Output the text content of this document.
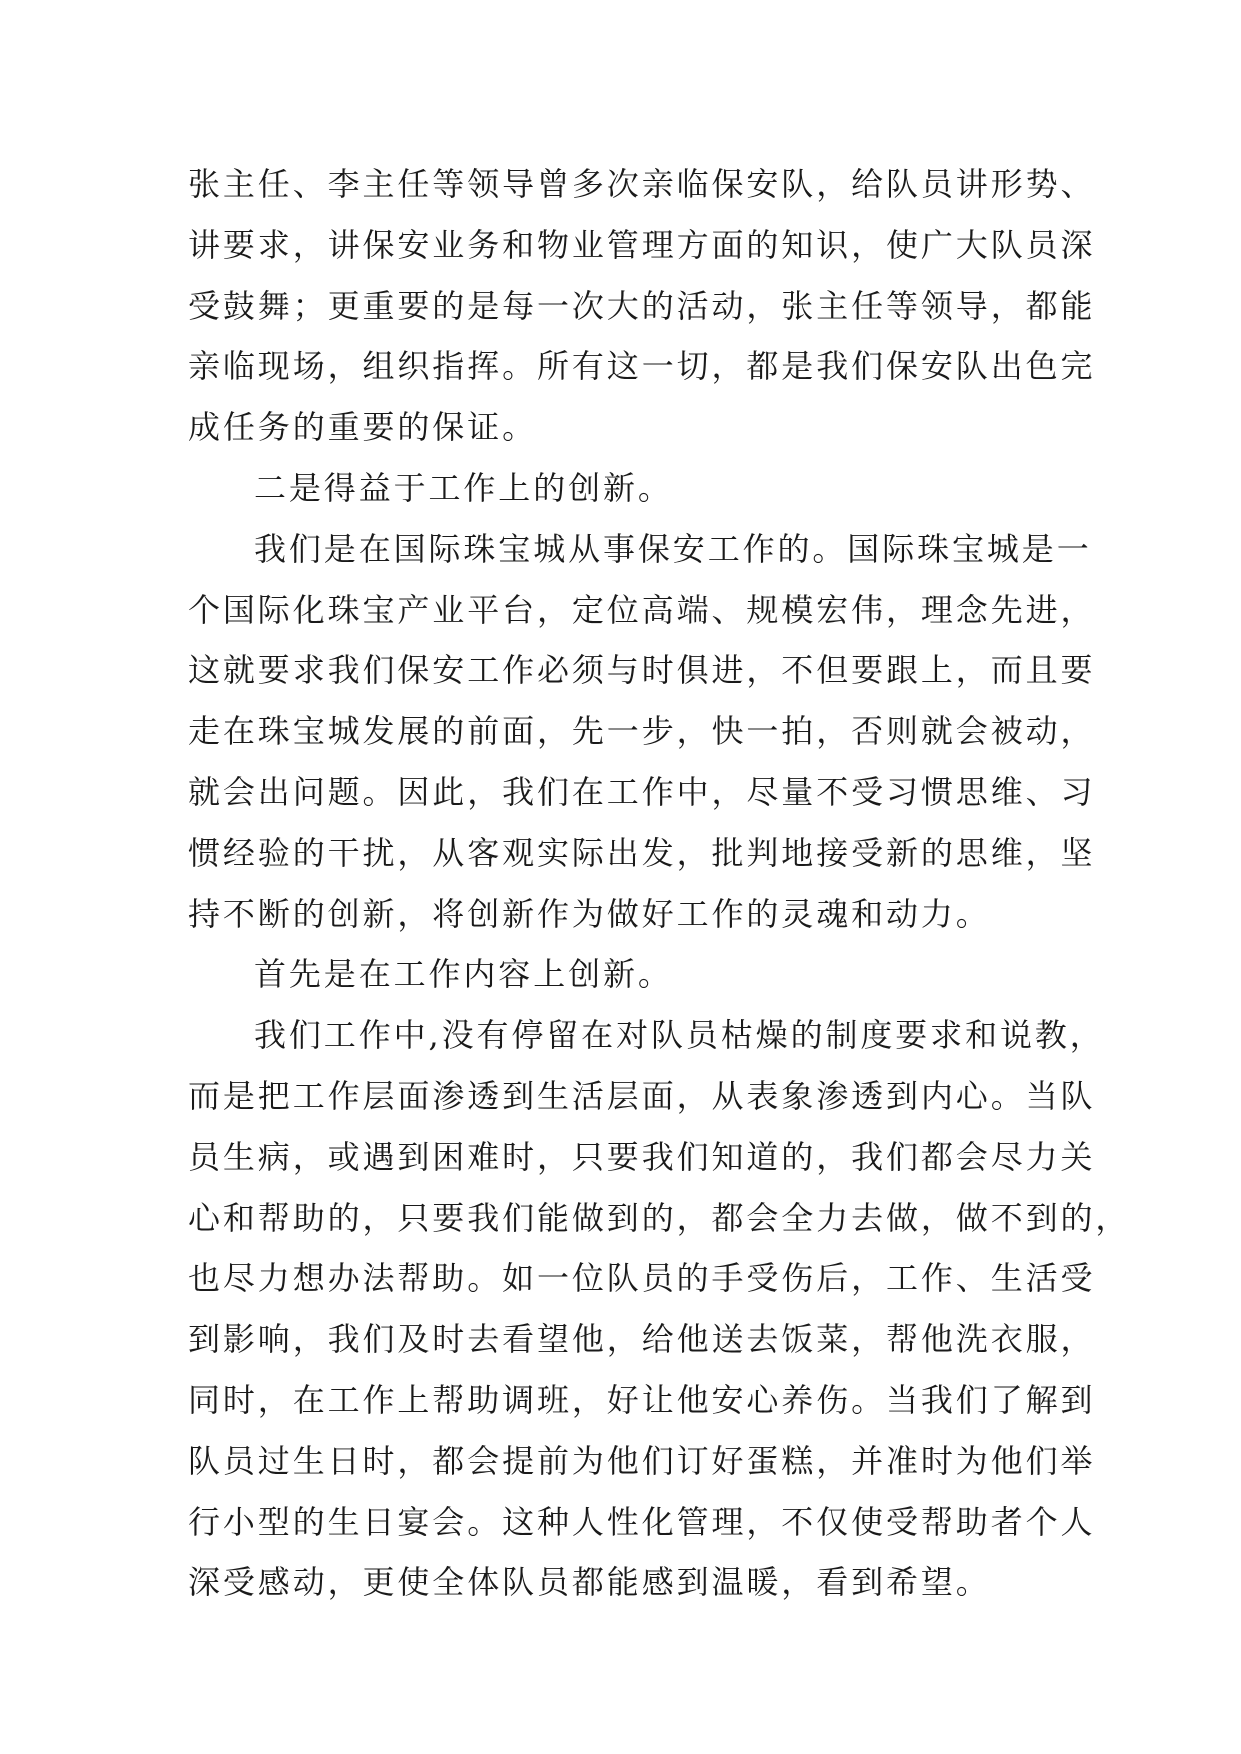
张主任、李主任等领导曾多次亲临保安队，给队员讲形势、
讲要求，讲保安业务和物业管理方面的知识，使广大队员深
受鼓舞；更重要的是每一次大的活动，张主任等领导，都能
亲临现场，组织指挥。所有这一切，都是我们保安队出色完
成任务的重要的保证。

二是得益于工作上的创新。

我们是在国际珠宝城从事保安工作的。国际珠宝城是一
个国际化珠宝产业平台，定位高端、规模宏伟，理念先进，
这就要求我们保安工作必须与时俱进，不但要跟上，而且要
走在珠宝城发展的前面，先一步，快一拍，否则就会被动，
就会出问题。因此，我们在工作中，尽量不受习惯思维、习
惯经验的干扰，从客观实际出发，批判地接受新的思维，坚
持不断的创新，将创新作为做好工作的灵魂和动力。

首先是在工作内容上创新。

我们工作中,没有停留在对队员枯燥的制度要求和说教，
而是把工作层面渗透到生活层面，从表象渗透到内心。当队
员生病，或遇到困难时，只要我们知道的，我们都会尽力关
心和帮助的，只要我们能做到的，都会全力去做，做不到的，
也尽力想办法帮助。如一位队员的手受伤后，工作、生活受
到影响，我们及时去看望他，给他送去饭菜，帮他洗衣服，
同时，在工作上帮助调班，好让他安心养伤。当我们了解到
队员过生日时，都会提前为他们订好蛋糕，并准时为他们举
行小型的生日宴会。这种人性化管理，不仅使受帮助者个人
深受感动，更使全体队员都能感到温暖，看到希望。
